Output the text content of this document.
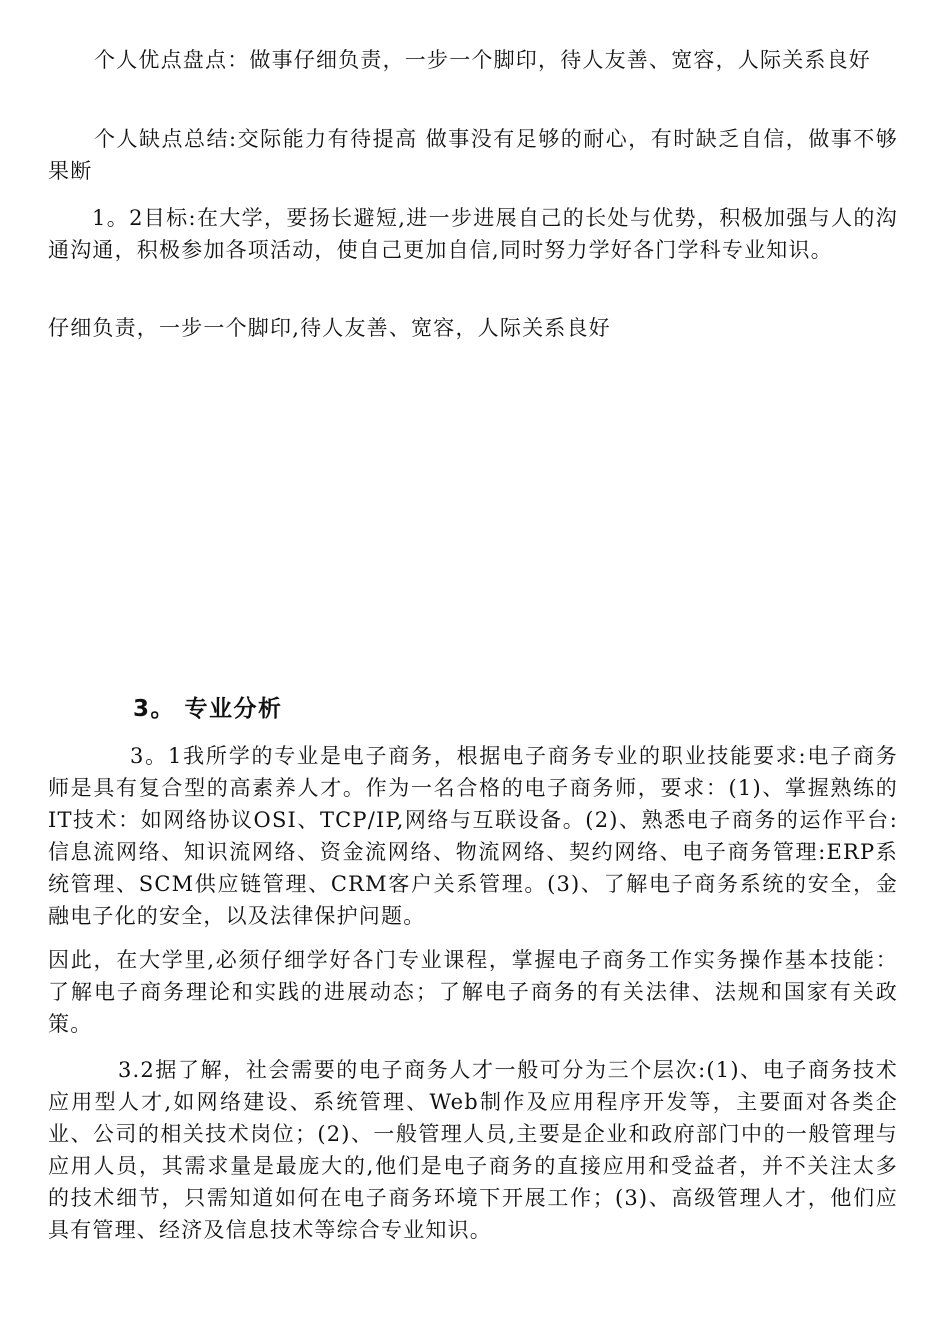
个人优点盘点：做事仔细负责，一步一个脚印，待人友善、宽容，人际关系良好

个人缺点总结:交际能力有待提高 做事没有足够的耐心，有时缺乏自信，做事不够果断

1。2目标:在大学，要扬长避短,进一步进展自己的长处与优势，积极加强与人的沟通沟通，积极参加各项活动，使自己更加自信,同时努力学好各门学科专业知识。

仔细负责，一步一个脚印,待人友善、宽容，人际关系良好

3。 专业分析

3。1我所学的专业是电子商务，根据电子商务专业的职业技能要求:电子商务师是具有复合型的高素养人才。作为一名合格的电子商务师，要求：(1)、掌握熟练的IT技术：如网络协议OSI、TCP/IP,网络与互联设备。(2)、熟悉电子商务的运作平台:信息流网络、知识流网络、资金流网络、物流网络、契约网络、电子商务管理:ERP系统管理、SCM供应链管理、CRM客户关系管理。(3)、了解电子商务系统的安全，金融电子化的安全，以及法律保护问题。

因此，在大学里,必须仔细学好各门专业课程，掌握电子商务工作实务操作基本技能：了解电子商务理论和实践的进展动态；了解电子商务的有关法律、法规和国家有关政策。

3.2据了解，社会需要的电子商务人才一般可分为三个层次:(1)、电子商务技术应用型人才,如网络建设、系统管理、Web制作及应用程序开发等，主要面对各类企业、公司的相关技术岗位；(2)、一般管理人员,主要是企业和政府部门中的一般管理与应用人员，其需求量是最庞大的,他们是电子商务的直接应用和受益者，并不关注太多的技术细节，只需知道如何在电子商务环境下开展工作；(3)、高级管理人才，他们应具有管理、经济及信息技术等综合专业知识。
